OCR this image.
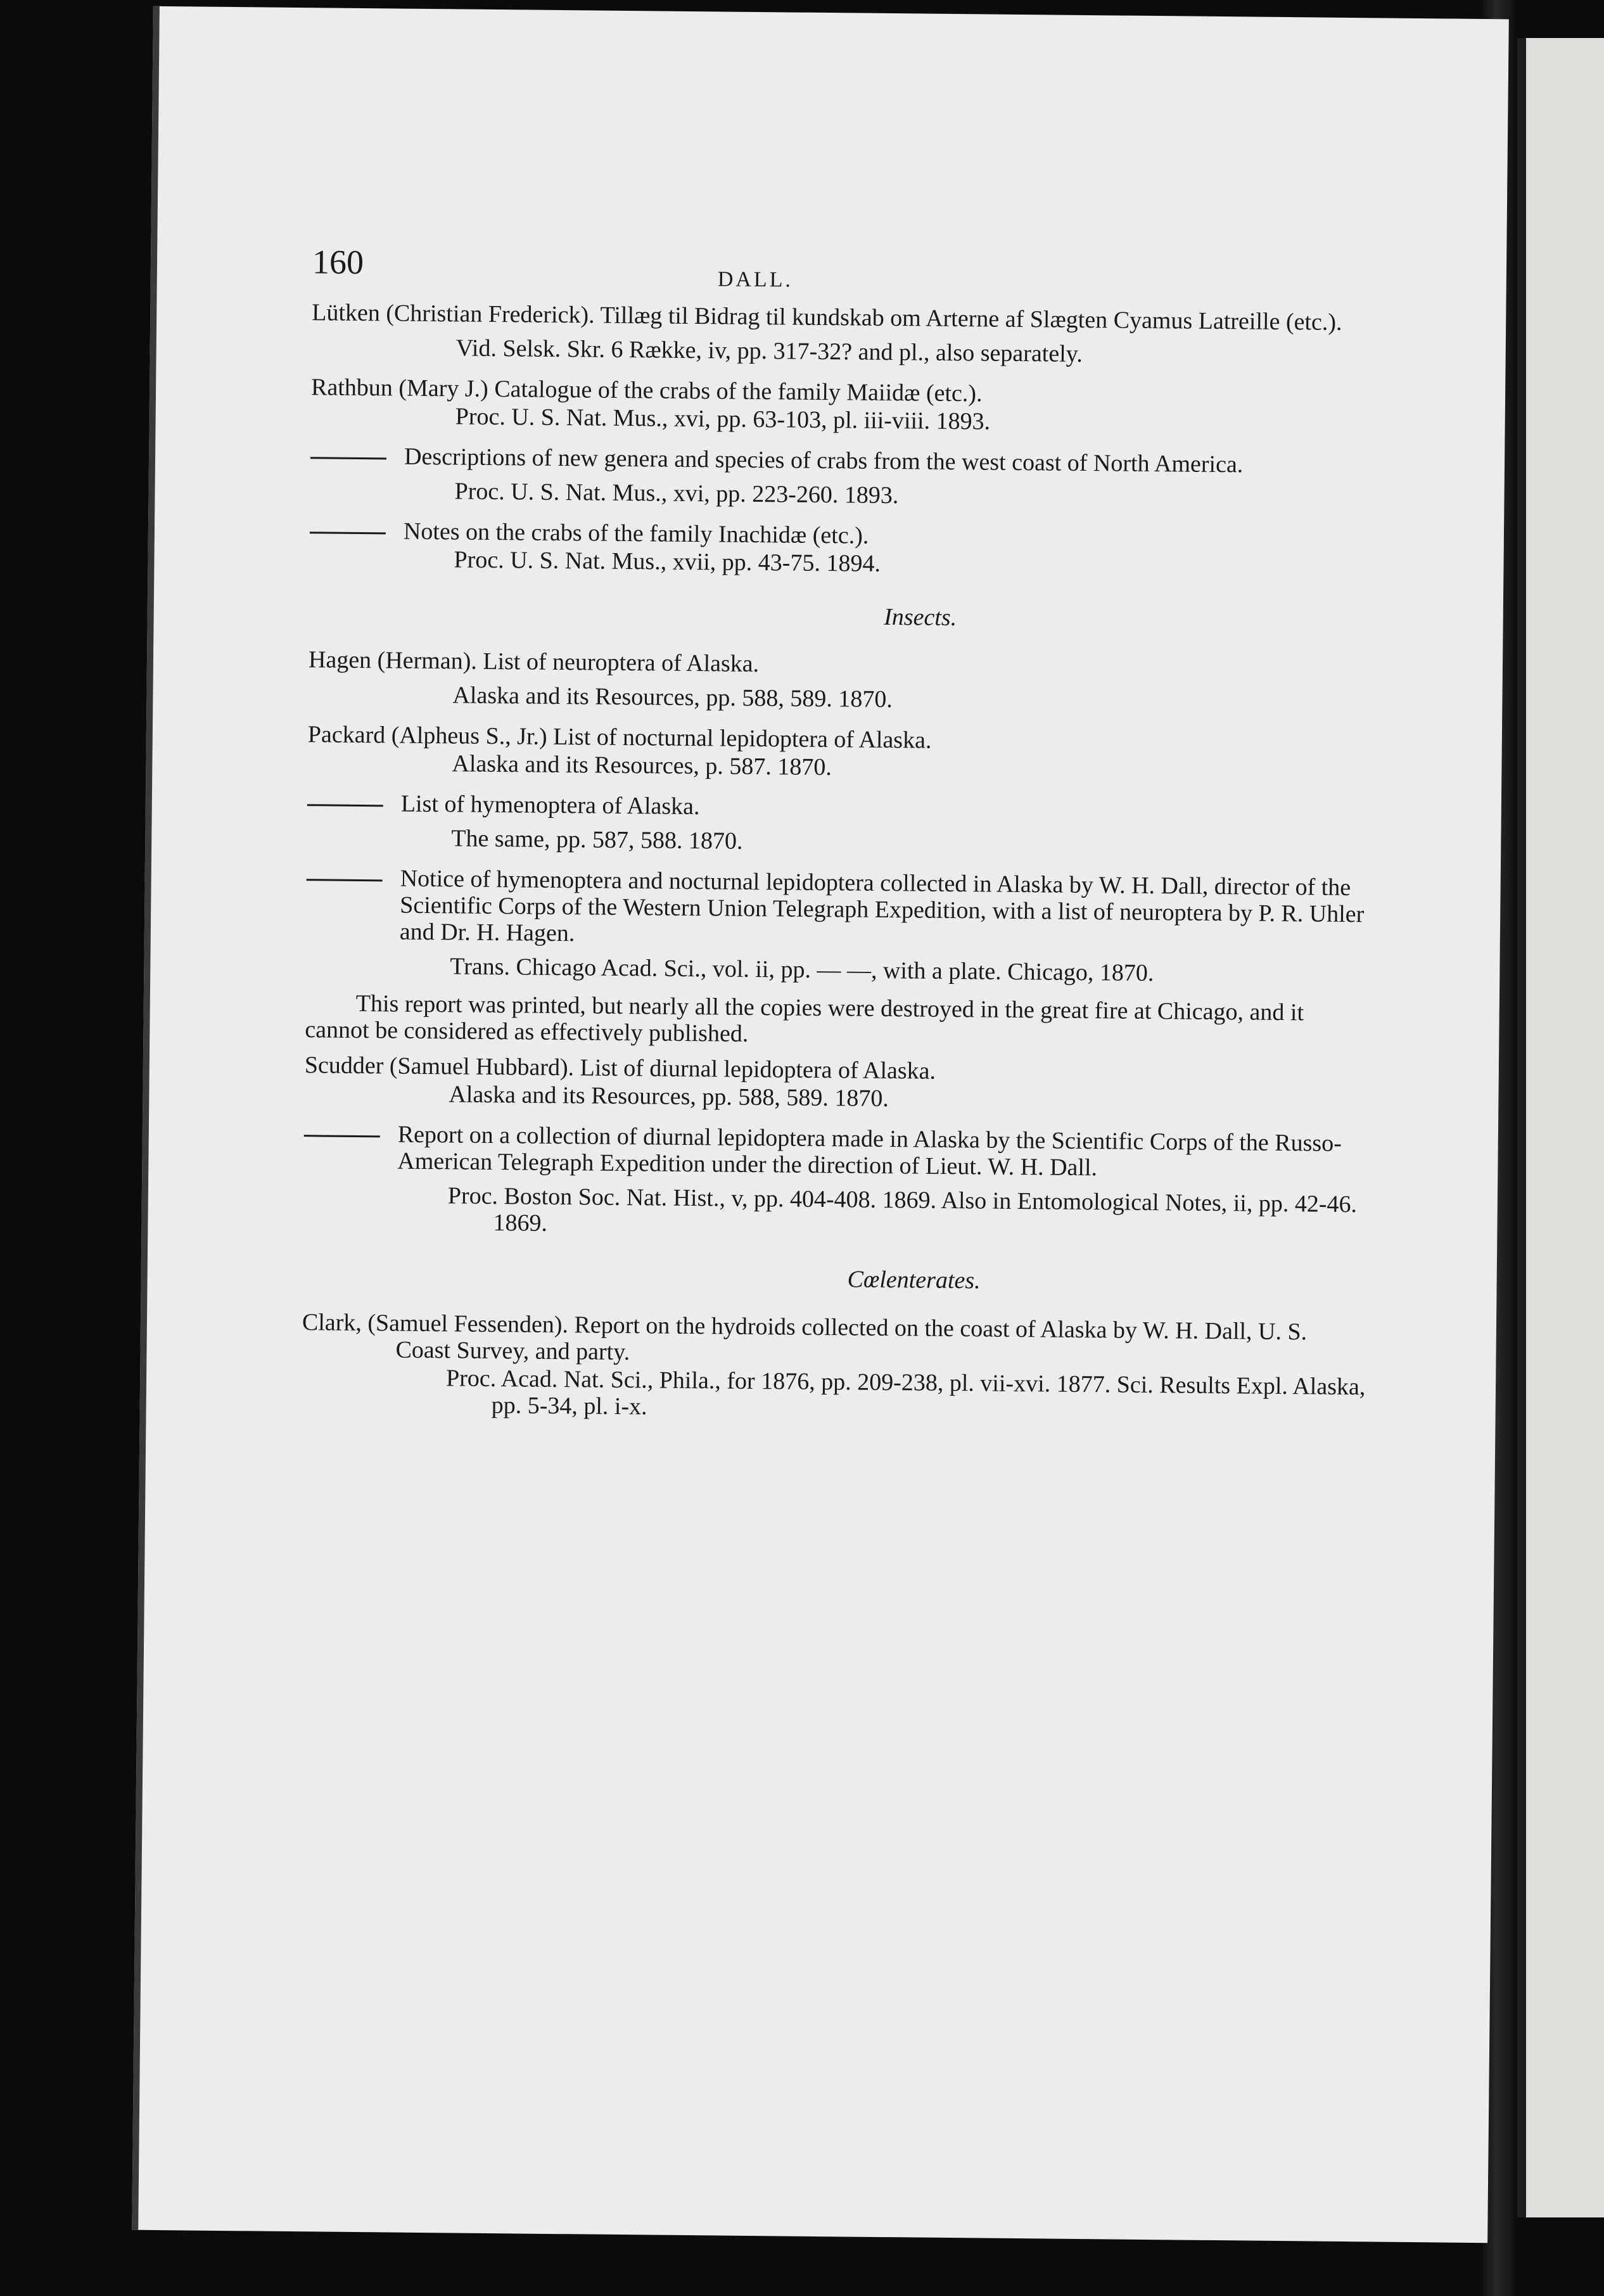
160	DALL.
Lütken (Christian Frederick). Tillæg til Bidrag til kundskab om Arterne af Slægten Cyamus Latreille (etc.).
Vid. Selsk. Skr. 6 Række, iv, pp. 317-32? and pl., also separately.
Rathbun (Mary J.) Catalogue of the crabs of the family Maiidæ (etc.).
Proc. U. S. Nat. Mus., xvi, pp. 63-103, pl. iii-viii. 1893.
Descriptions of new genera and species of crabs from the west coast of North America.
Proc. U. S. Nat. Mus., xvi, pp. 223-260. 1893.
Notes on the crabs of the family Inachidæ (etc.).
Proc. U. S. Nat. Mus., xvii, pp. 43-75. 1894.
Insects.
Hagen (Herman). List of neuroptera of Alaska.
Alaska and its Resources, pp. 588, 589. 1870.
Packard (Alpheus S., Jr.) List of nocturnal lepidoptera of Alaska.
Alaska and its Resources, p. 587. 1870.
List of hymenoptera of Alaska.
The same, pp. 587, 588. 1870.
Notice of hymenoptera and nocturnal lepidoptera collected in Alaska by W. H. Dall, director of the Scientific Corps of the Western Union Telegraph Expedition, with a list of neuroptera by P. R. Uhler and Dr. H. Hagen.
Trans. Chicago Acad. Sci., vol. ii, pp. — —, with a plate. Chicago, 1870.
This report was printed, but nearly all the copies were destroyed in the great fire at Chicago, and it cannot be considered as effectively published.
Scudder (Samuel Hubbard). List of diurnal lepidoptera of Alaska.
Alaska and its Resources, pp. 588, 589. 1870.
Report on a collection of diurnal lepidoptera made in Alaska by the Scientific Corps of the Russo-American Telegraph Expedition under the direction of Lieut. W. H. Dall.
Proc. Boston Soc. Nat. Hist., v, pp. 404-408. 1869. Also in Entomological Notes, ii, pp. 42-46. 1869.
Cœlenterates.
Clark, (Samuel Fessenden). Report on the hydroids collected on the coast of Alaska by W. H. Dall, U. S. Coast Survey, and party.
Proc. Acad. Nat. Sci., Phila., for 1876, pp. 209-238, pl. vii-xvi. 1877. Sci. Results Expl. Alaska, pp. 5-34, pl. i-x.
